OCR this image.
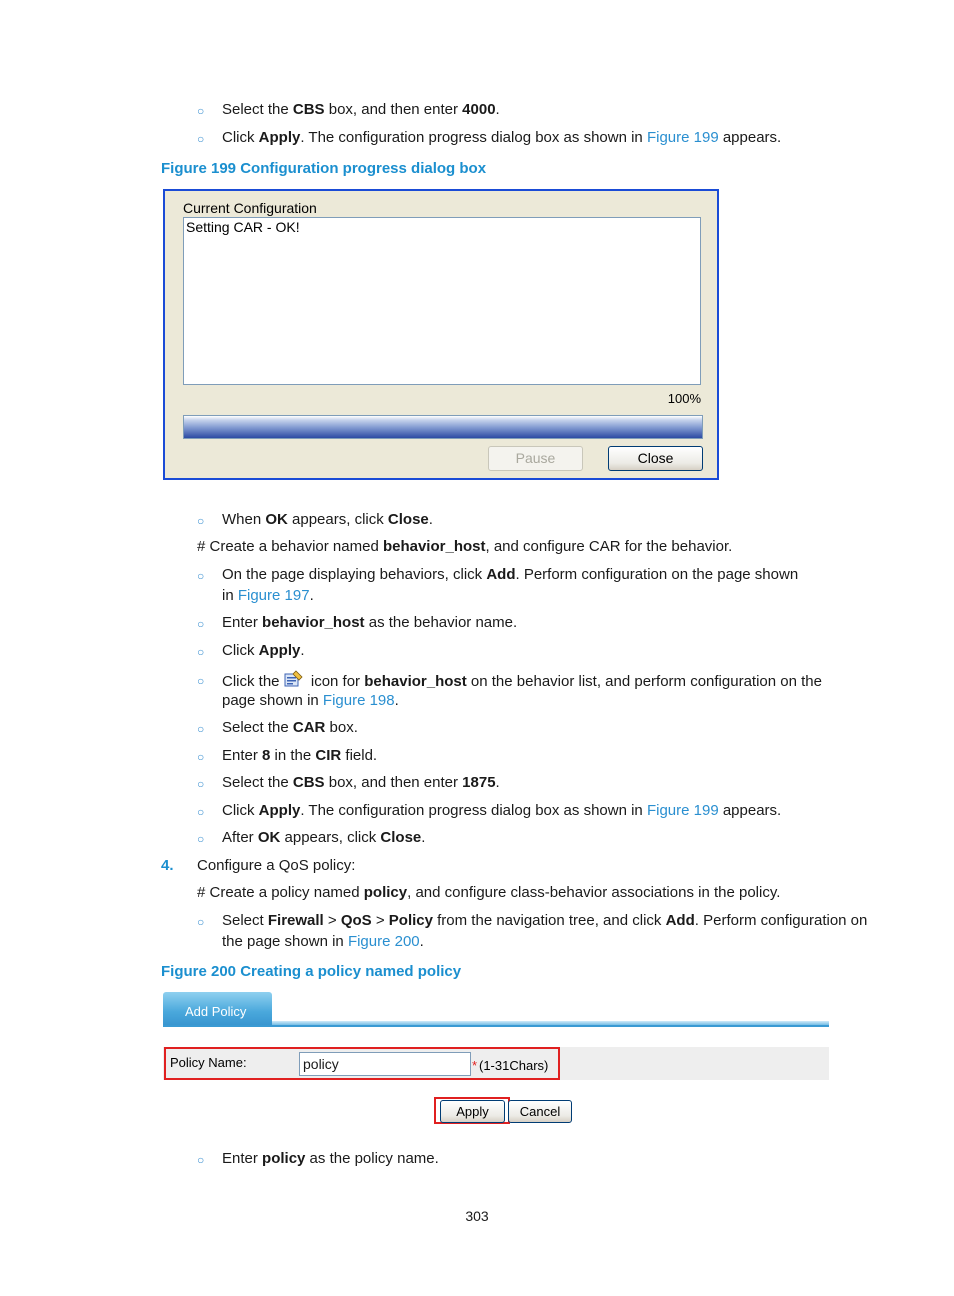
○ Select the CBS box, and then enter 4000.
○ Click Apply. The configuration progress dialog box as shown in Figure 199 appears.
Figure 199 Configuration progress dialog box
Current Configuration
Setting CAR - OK!
100%
Pause	Close
○ When OK appears, click Close.
# Create a behavior named behavior_host, and configure CAR for the behavior.
○ On the page displaying behaviors, click Add. Perform configuration on the page shown
in Figure 197.
○ Enter behavior_host as the behavior name.
○ Click Apply.
○ Click the  icon for behavior_host on the behavior list, and perform configuration on the
page shown in Figure 198.
○ Select the CAR box.
○ Enter 8 in the CIR field.
○ Select the CBS box, and then enter 1875.
○ Click Apply. The configuration progress dialog box as shown in Figure 199 appears.
○ After OK appears, click Close.
4. Configure a QoS policy:
# Create a policy named policy, and configure class-behavior associations in the policy.
○ Select Firewall > QoS > Policy from the navigation tree, and click Add. Perform configuration on
the page shown in Figure 200.
Figure 200 Creating a policy named policy
Add Policy
Policy Name:	policy	* (1-31Chars)
Apply	Cancel
○ Enter policy as the policy name.
303
